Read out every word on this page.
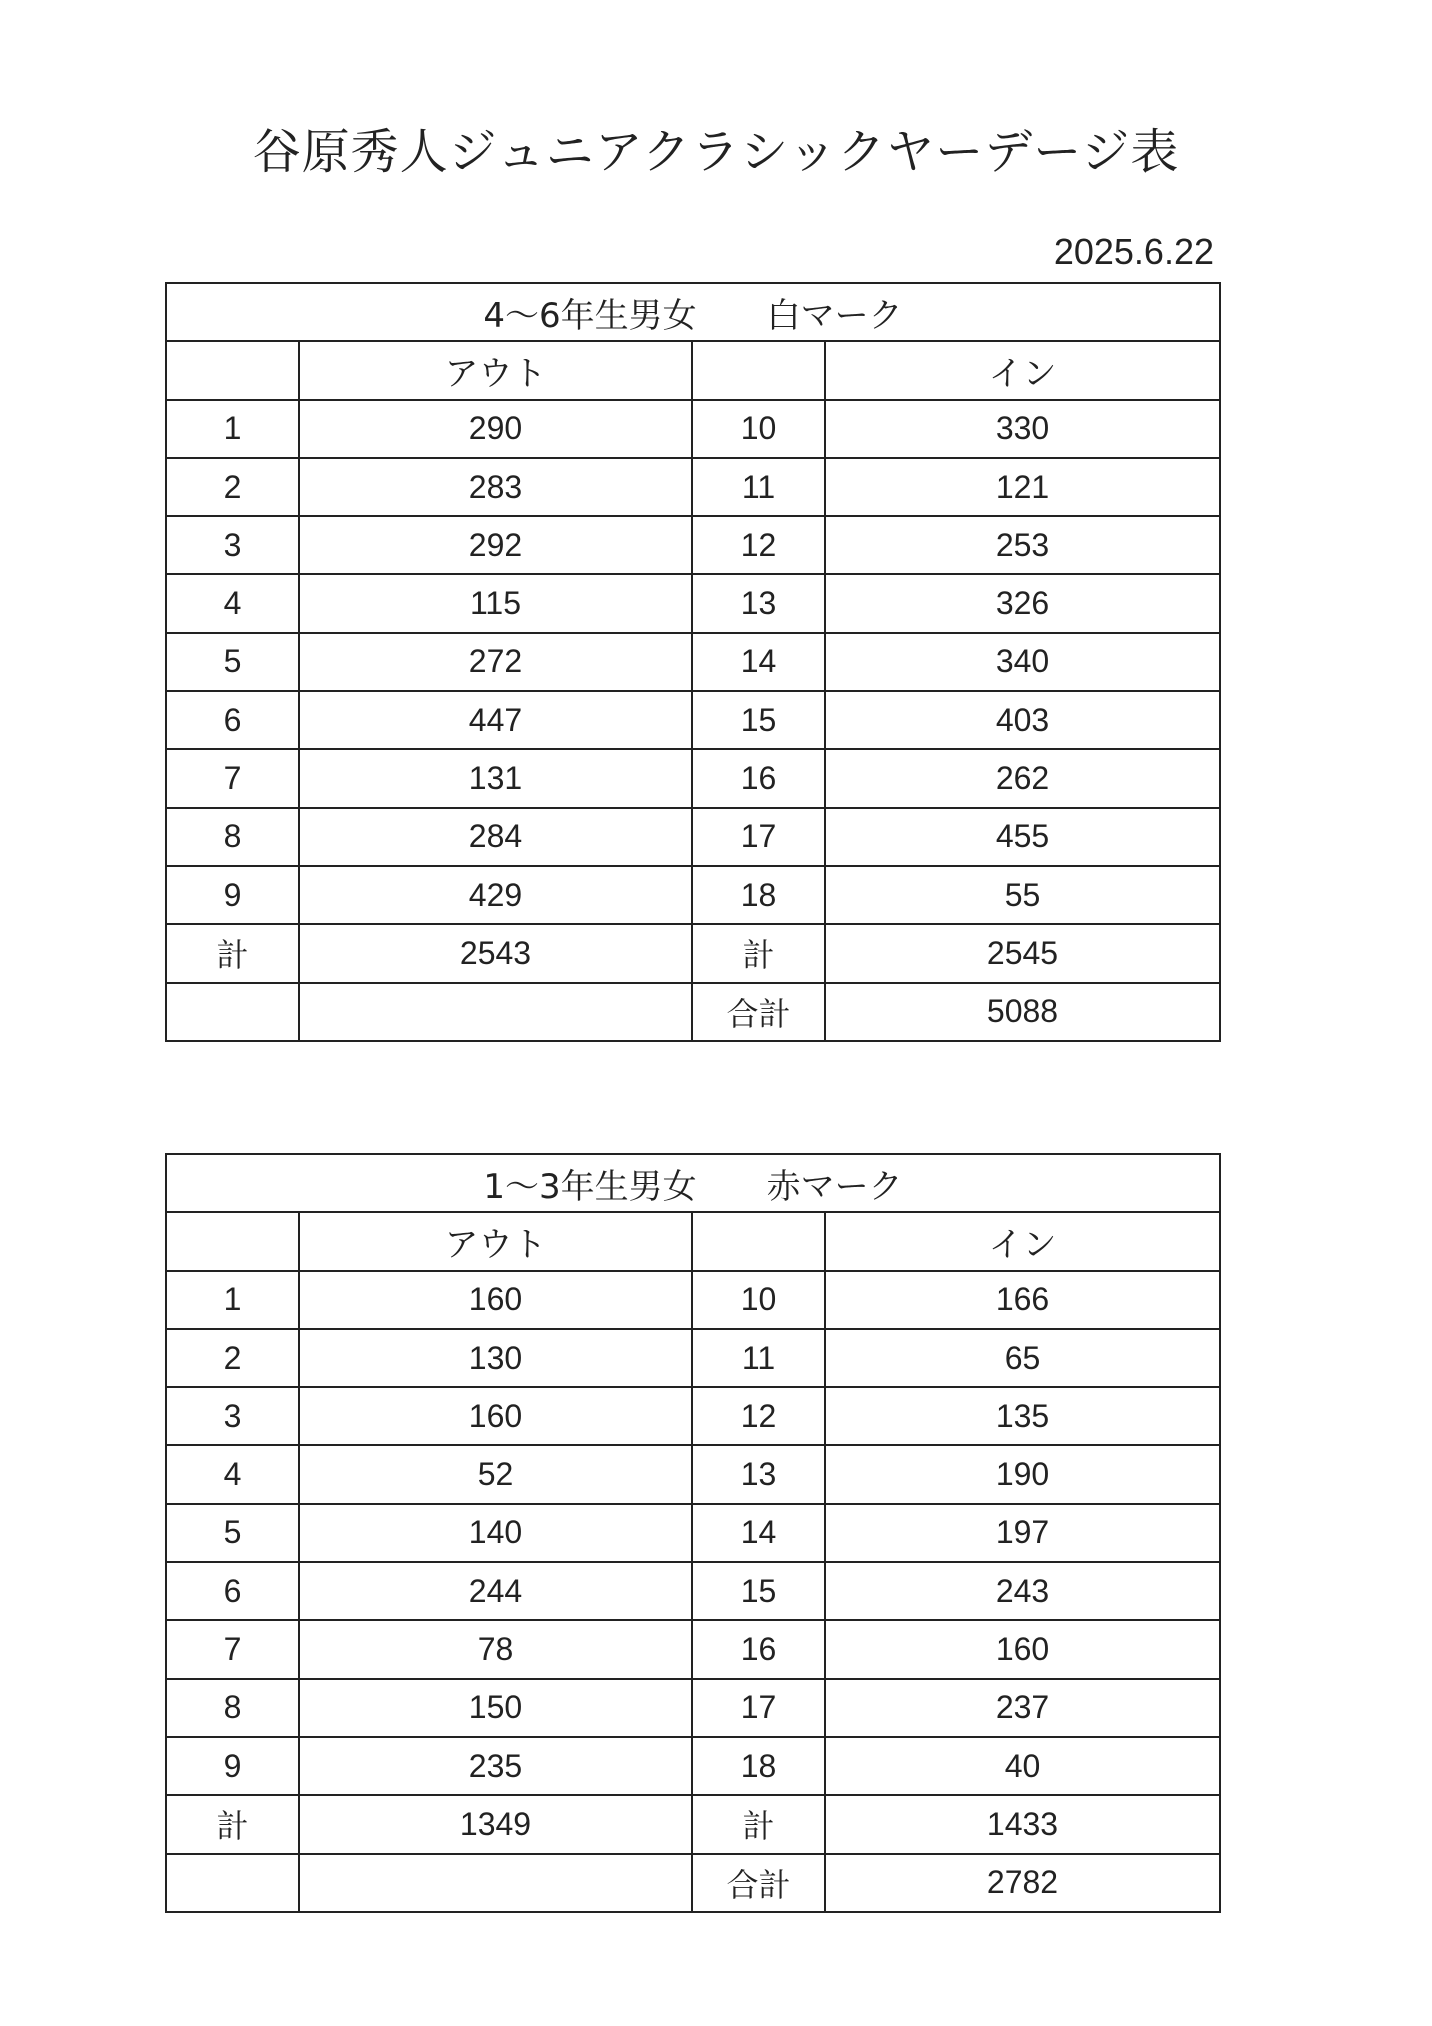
谷原秀人ジュニアクラシックヤーデージ表
2025.6.22
4～6年生男女 白マーク			
	アウト		イン
1	290	10	330
2	283	11	121
3	292	12	253
4	115	13	326
5	272	14	340
6	447	15	403
7	131	16	262
8	284	17	455
9	429	18	55
計	2543	計	2545
		合計	5088
1～3年生男女 赤マーク			
	アウト		イン
1	160	10	166
2	130	11	65
3	160	12	135
4	52	13	190
5	140	14	197
6	244	15	243
7	78	16	160
8	150	17	237
9	235	18	40
計	1349	計	1433
		合計	2782
